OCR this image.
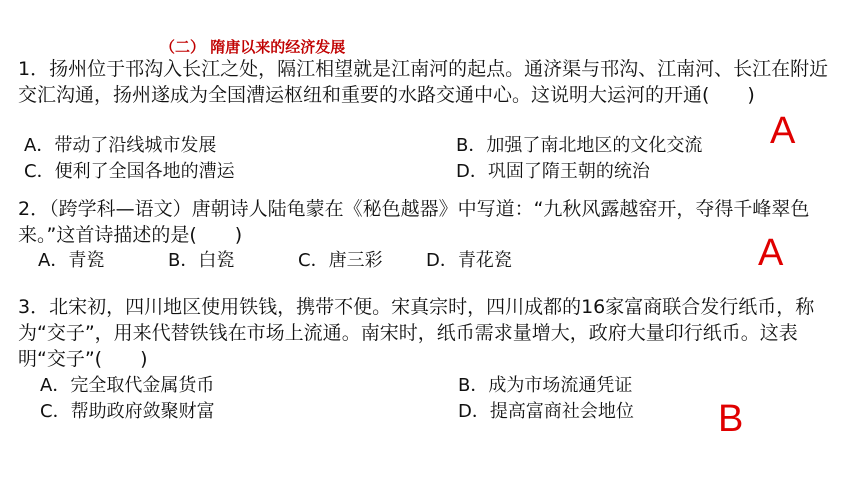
（二） 隋唐以来的经济发展

1．扬州位于邗沟入长江之处，隔江相望就是江南河的起点。通济渠与邗沟、江南河、长江在附近交汇沟通，扬州遂成为全国漕运枢纽和重要的水路交通中心。这说明大运河的开通(　　)

A．带动了沿线城市发展	B．加强了南北地区的文化交流
C．便利了全国各地的漕运	D．巩固了隋王朝的统治
A

2．（跨学科—语文）唐朝诗人陆龟蒙在《秘色越器》中写道：“九秋风露越窑开，夺得千峰翠色来。”这首诗描述的是(　　)

A．青瓷	B．白瓷	C．唐三彩 D．青花瓷	A

3．北宋初，四川地区使用铁钱，携带不便。宋真宗时，四川成都的16家富商联合发行纸币，称为“交子”，用来代替铁钱在市场上流通。南宋时，纸币需求量增大，政府大量印行纸币。这表明“交子”(　　)

A．完全取代金属货币	B．成为市场流通凭证
C．帮助政府敛聚财富	D．提高富商社会地位 B
